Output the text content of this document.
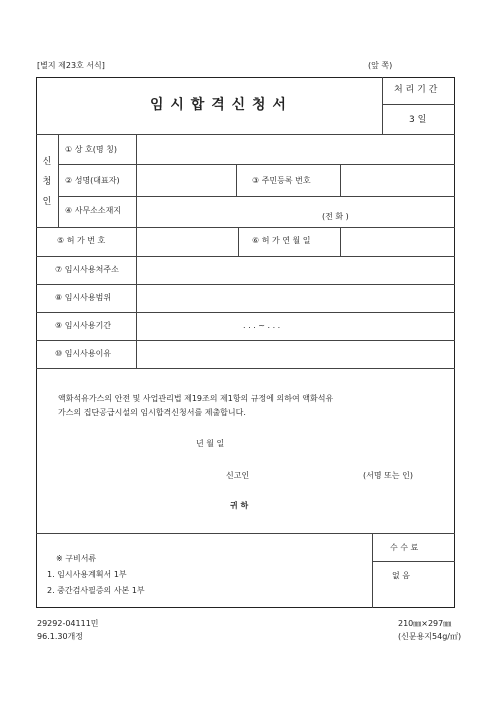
[별지 제23호 서식]	(앞 쪽)
임 시 합 격 신 청 서
처 리 기 간
3 일
신
청
인
① 상 호(명 칭)
② 성명(대표자)	③ 주민등록 번호
④ 사무소소재지
(전 화 )
⑤ 허 가 번 호	⑥ 허 가 연 월 일
⑦ 임시사용처주소
⑧ 임시사용범위
⑨ 임시사용기간	. . . ~ . . .
⑩ 임시사용이유
액화석유가스의 안전 및 사업관리법 제19조의 제1항의 규정에 의하여 액화석유
가스의 집단공급시설의 임시합격신청서를 제출합니다.
년 월 일
신고인	(서명 또는 인)
귀 하
※ 구비서류
1. 임시사용계획서 1부
2. 중간검사필증의 사본 1부
수 수 료
없 음
29292-04111민
96.1.30개정
210㎜×297㎜
(신문용지54g/㎡)
